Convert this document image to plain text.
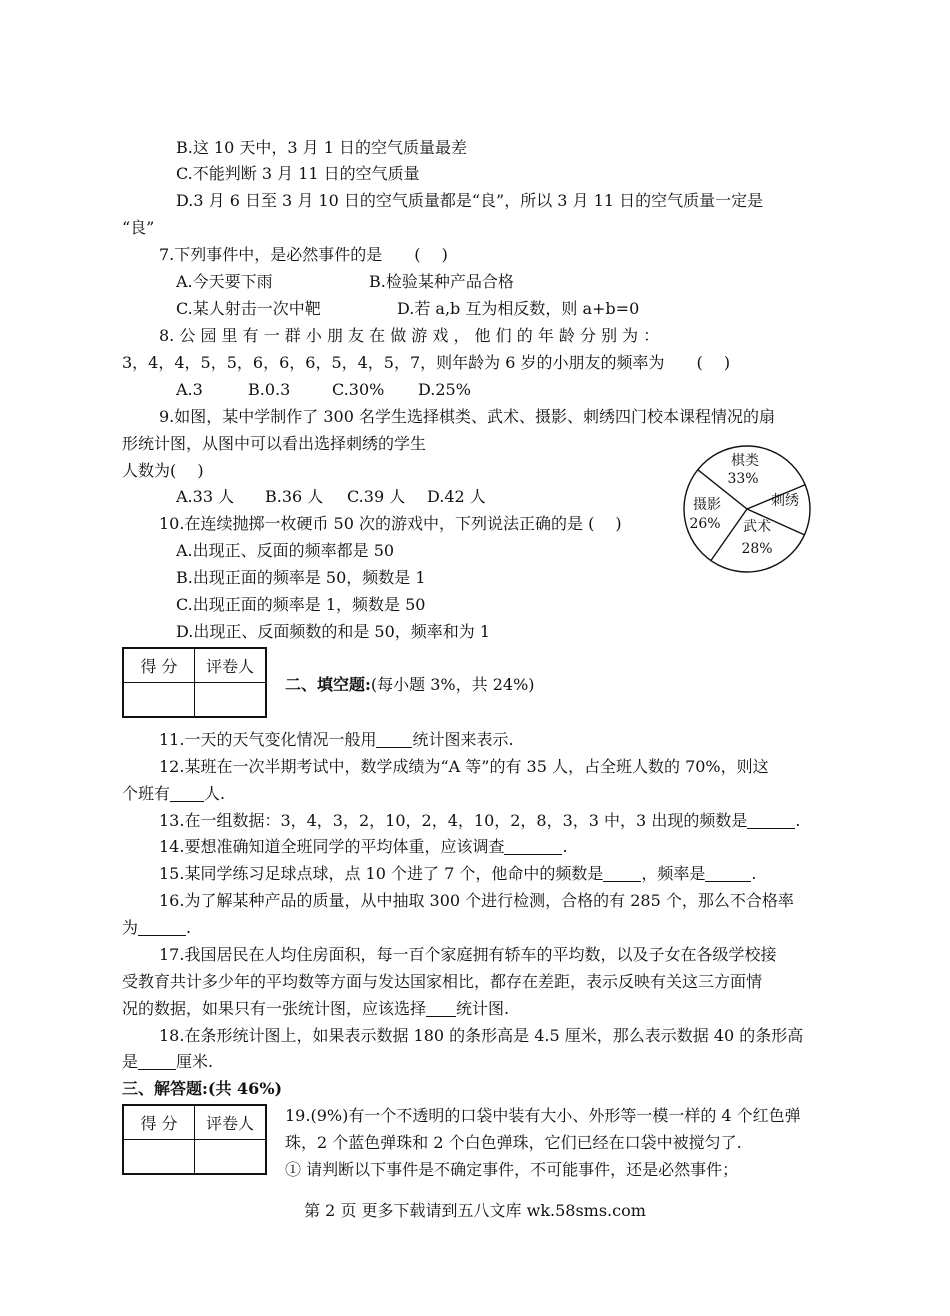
B.这 10 天中，3 月 1 日的空气质量最差
C.不能判断 3 月 11 日的空气质量
D.3 月 6 日至 3 月 10 日的空气质量都是“良”，所以 3 月 11 日的空气质量一定是
“良”
7.下列事件中，是必然事件的是　　(　 )
A.今天要下雨	B.检验某种产品合格
C.某人射击一次中靶	D.若 a,b 互为相反数，则 a+b=0
8. 公 园 里 有 一 群 小 朋 友 在 做 游 戏 ， 他 们 的 年 龄 分 别 为 ：
3，4，4，5，5，6，6，6，5，4，5，7，则年龄为 6 岁的小朋友的频率为　　(　 )
A.3	B.0.3	C.30% D.25%
9.如图，某中学制作了 300 名学生选择棋类、武术、摄影、刺绣四门校本课程情况的扇
形统计图，从图中可以看出选择刺绣的学生
人数为(　 )
A.33 人 B.36 人 C.39 人 D.42 人
棋类
33%
刺绣
武术
28%
摄影
26%
10.在连续抛掷一枚硬币 50 次的游戏中，下列说法正确的是 (　 )
A.出现正、反面的频率都是 50
B.出现正面的频率是 50，频数是 1
C.出现正面的频率是 1，频数是 50
D.出现正、反面频数的和是 50，频率和为 1
得 分	评卷人

二、填空题:(每小题 3%，共 24%)
11.一天的天气变化情况一般用 统计图来表示.
12.某班在一次半期考试中，数学成绩为“A 等”的有 35 人，占全班人数的 70%，则这
个班有 人.
13.在一组数据：3，4，3，2，10，2，4，10，2，8，3，3 中，3 出现的频数是	.
14.要想准确知道全班同学的平均体重，应该调查	.
15.某同学练习足球点球，点 10 个进了 7 个，他命中的频数是 ，频率是	.
16.为了解某种产品的质量，从中抽取 300 个进行检测，合格的有 285 个，那么不合格率
为	.
17.我国居民在人均住房面积，每一百个家庭拥有轿车的平均数，以及子女在各级学校接
受教育共计多少年的平均数等方面与发达国家相比，都存在差距，表示反映有关这三方面情
况的数据，如果只有一张统计图，应该选择 统计图.
18.在条形统计图上，如果表示数据 180 的条形高是 4.5 厘米，那么表示数据 40 的条形高
是 厘米.
三、解答题:(共 46%)
得 分	评卷人
	19.(9%)有一个不透明的口袋中装有大小、外形等一模一样的 4 个红色弹
珠，2 个蓝色弹珠和 2 个白色弹珠，它们已经在口袋中被搅匀了.
① 请判断以下事件是不确定事件，不可能事件，还是必然事件；
第 2 页 更多下载请到五八文库 wk.58sms.com
